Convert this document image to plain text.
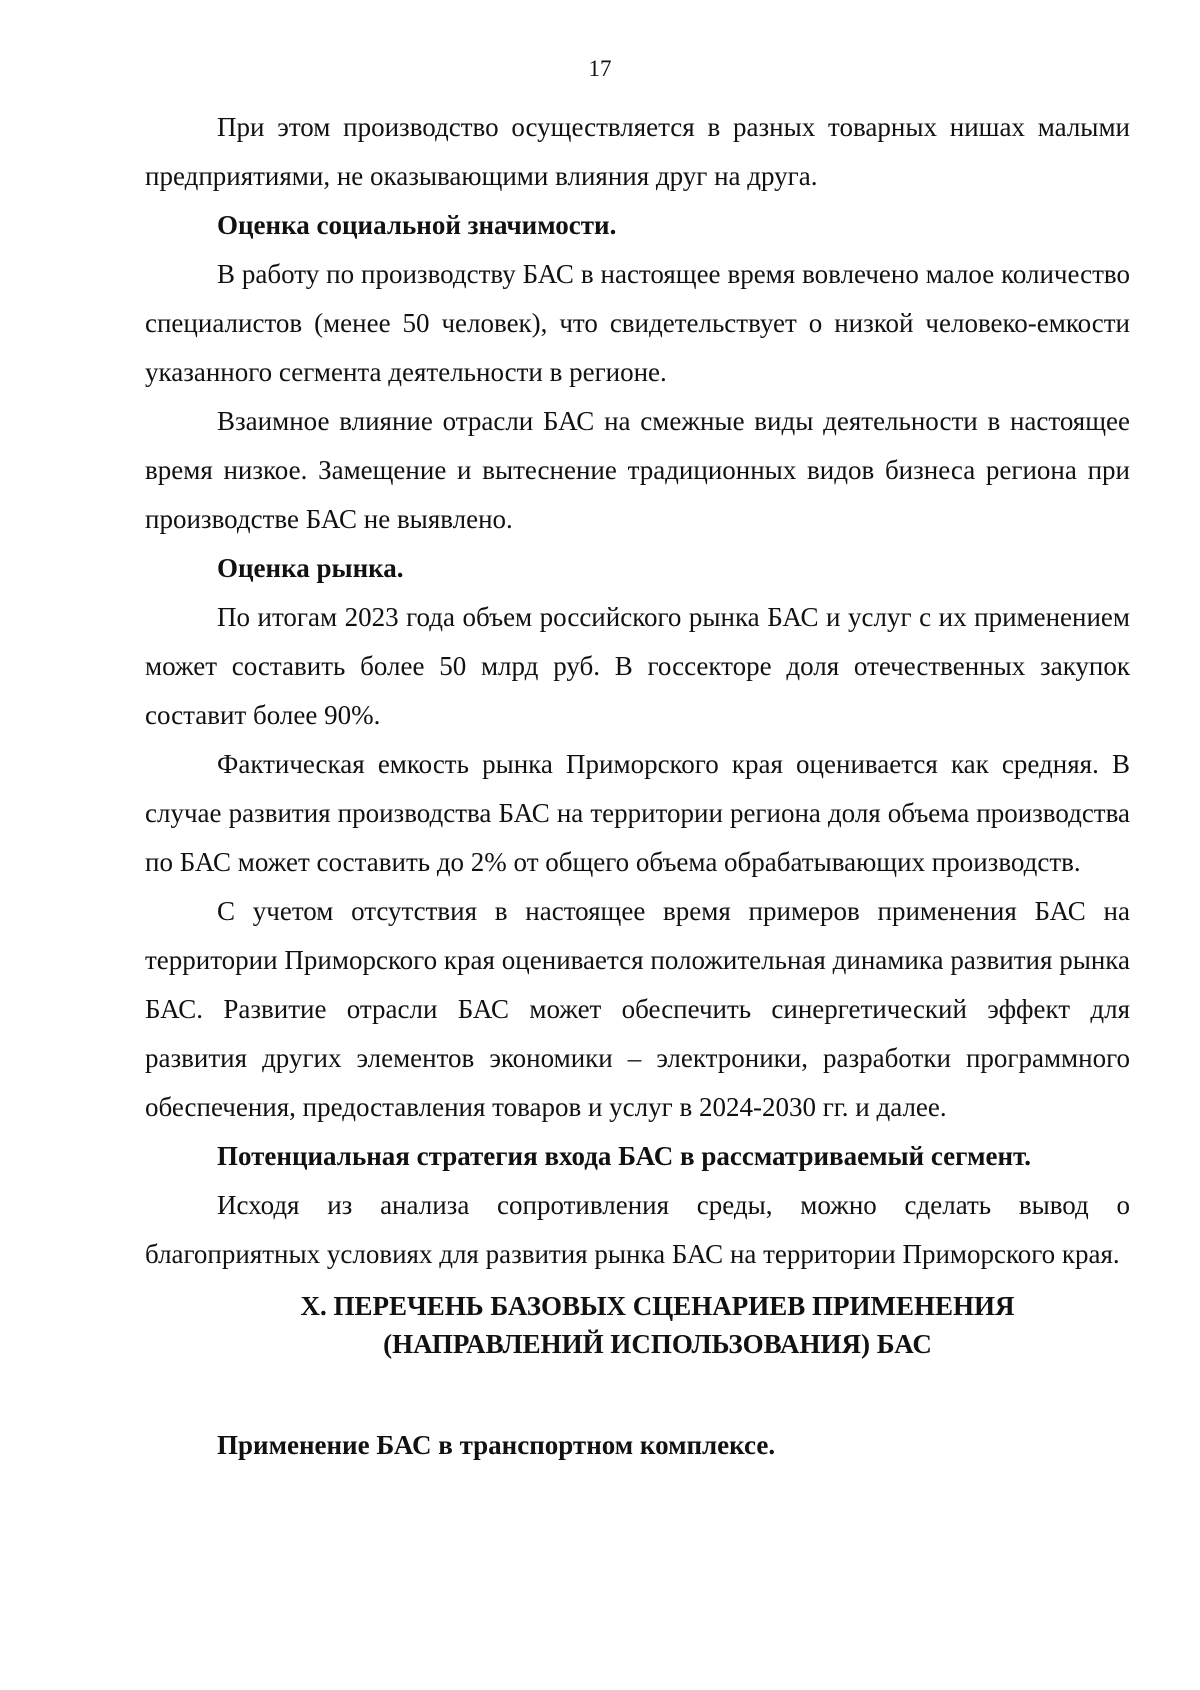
17

При этом производство осуществляется в разных товарных нишах малыми предприятиями, не оказывающими влияния друг на друга.

Оценка социальной значимости.

В работу по производству БАС в настоящее время вовлечено малое количество специалистов (менее 50 человек), что свидетельствует о низкой человеко-емкости указанного сегмента деятельности в регионе.

Взаимное влияние отрасли БАС на смежные виды деятельности в настоящее время низкое. Замещение и вытеснение традиционных видов бизнеса региона при производстве БАС не выявлено.

Оценка рынка.

По итогам 2023 года объем российского рынка БАС и услуг с их применением может составить более 50 млрд руб. В госсекторе доля отечественных закупок составит более 90%.

Фактическая емкость рынка Приморского края оценивается как средняя. В случае развития производства БАС на территории региона доля объема производства по БАС может составить до 2% от общего объема обрабатывающих производств.

С учетом отсутствия в настоящее время примеров применения БАС на территории Приморского края оценивается положительная динамика развития рынка БАС. Развитие отрасли БАС может обеспечить синергетический эффект для развития других элементов экономики – электроники, разработки программного обеспечения, предоставления товаров и услуг в 2024-2030 гг. и далее.

Потенциальная стратегия входа БАС в рассматриваемый сегмент.

Исходя из анализа сопротивления среды, можно сделать вывод о благоприятных условиях для развития рынка БАС на территории Приморского края.

X. ПЕРЕЧЕНЬ БАЗОВЫХ СЦЕНАРИЕВ ПРИМЕНЕНИЯ
(НАПРАВЛЕНИЙ ИСПОЛЬЗОВАНИЯ) БАС

Применение БАС в транспортном комплексе.
